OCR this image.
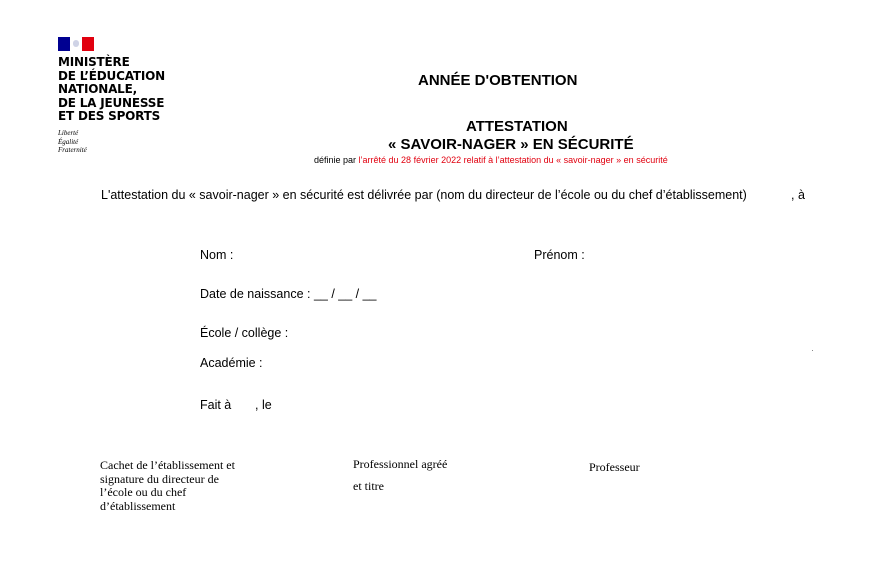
MINISTÈRE
DE L’ÉDUCATION
NATIONALE,
DE LA JEUNESSE
ET DES SPORTS
Liberté
Égalité
Fraternité
ANNÉE D'OBTENTION
ATTESTATION
« SAVOIR-NAGER » EN SÉCURITÉ
définie par l’arrêté du 28 février 2022 relatif à l’attestation du « savoir-nager » en sécurité
L'attestation du « savoir-nager » en sécurité est délivrée par (nom du directeur de l’école ou du chef d’établissement)	, à
Nom :	Prénom :
Date de naissance : __ / __ / __
École / collège :
Académie :
Fait à , le
Cachet de l’établissement et
signature du directeur de
l’école ou du chef
d’établissement
Professionnel agréé
et titre
Professeur
